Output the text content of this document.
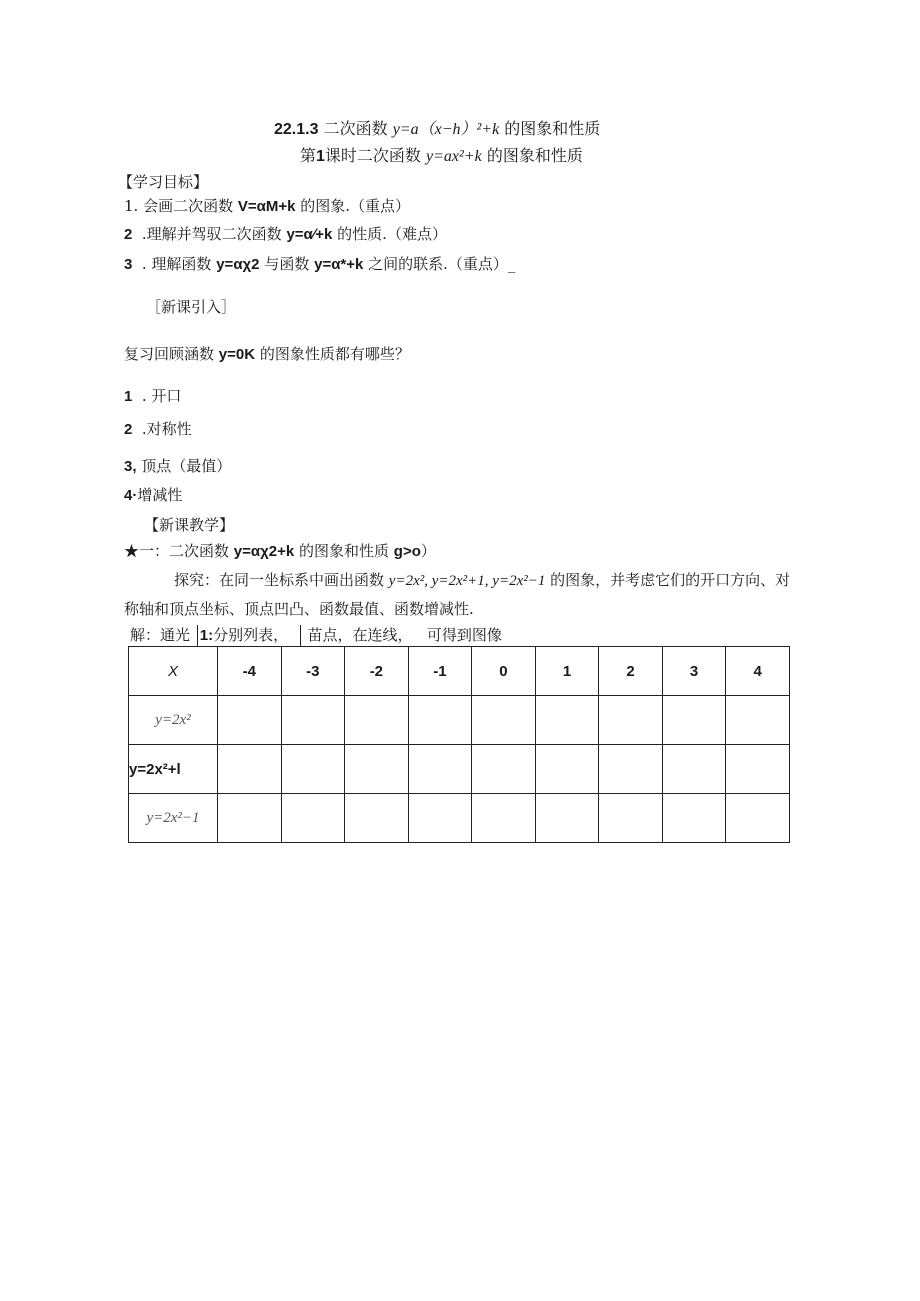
22.1.3 二次函数 y=a（x−h）²+k 的图象和性质
第1课时二次函数 y=ax²+k 的图象和性质
【学习目标】
1. 会画二次函数 V=αM+k 的图象.（重点）
2 .理解并驾驭二次函数 y=α∕+k 的性质.（难点）
3 . 理解函数 y=αχ2 与函数 y=α*+k 之间的联系.（重点）_
［新课引入］
复习回顾涵数 y=0K 的图象性质都有哪些？
1 . 开口
2 .对称性
3, 顶点（最值）
4·增减性
【新课教学】
★一：二次函数 y=αχ2+k 的图象和性质 g>o）
探究：在同一坐标系中画出函数 y=2x², y=2x²+1, y=2x²−1 的图象，并考虑它们的开口方向、对称轴和顶点坐标、顶点凹凸、函数最值、函数增减性.
解：通光 1:分别列表， 苗点，在连线， 可得到图像
X	-4	-3	-2	-1	0	1	2	3	4
y=2x²									
y=2x²+l									
y=2x²−1									
